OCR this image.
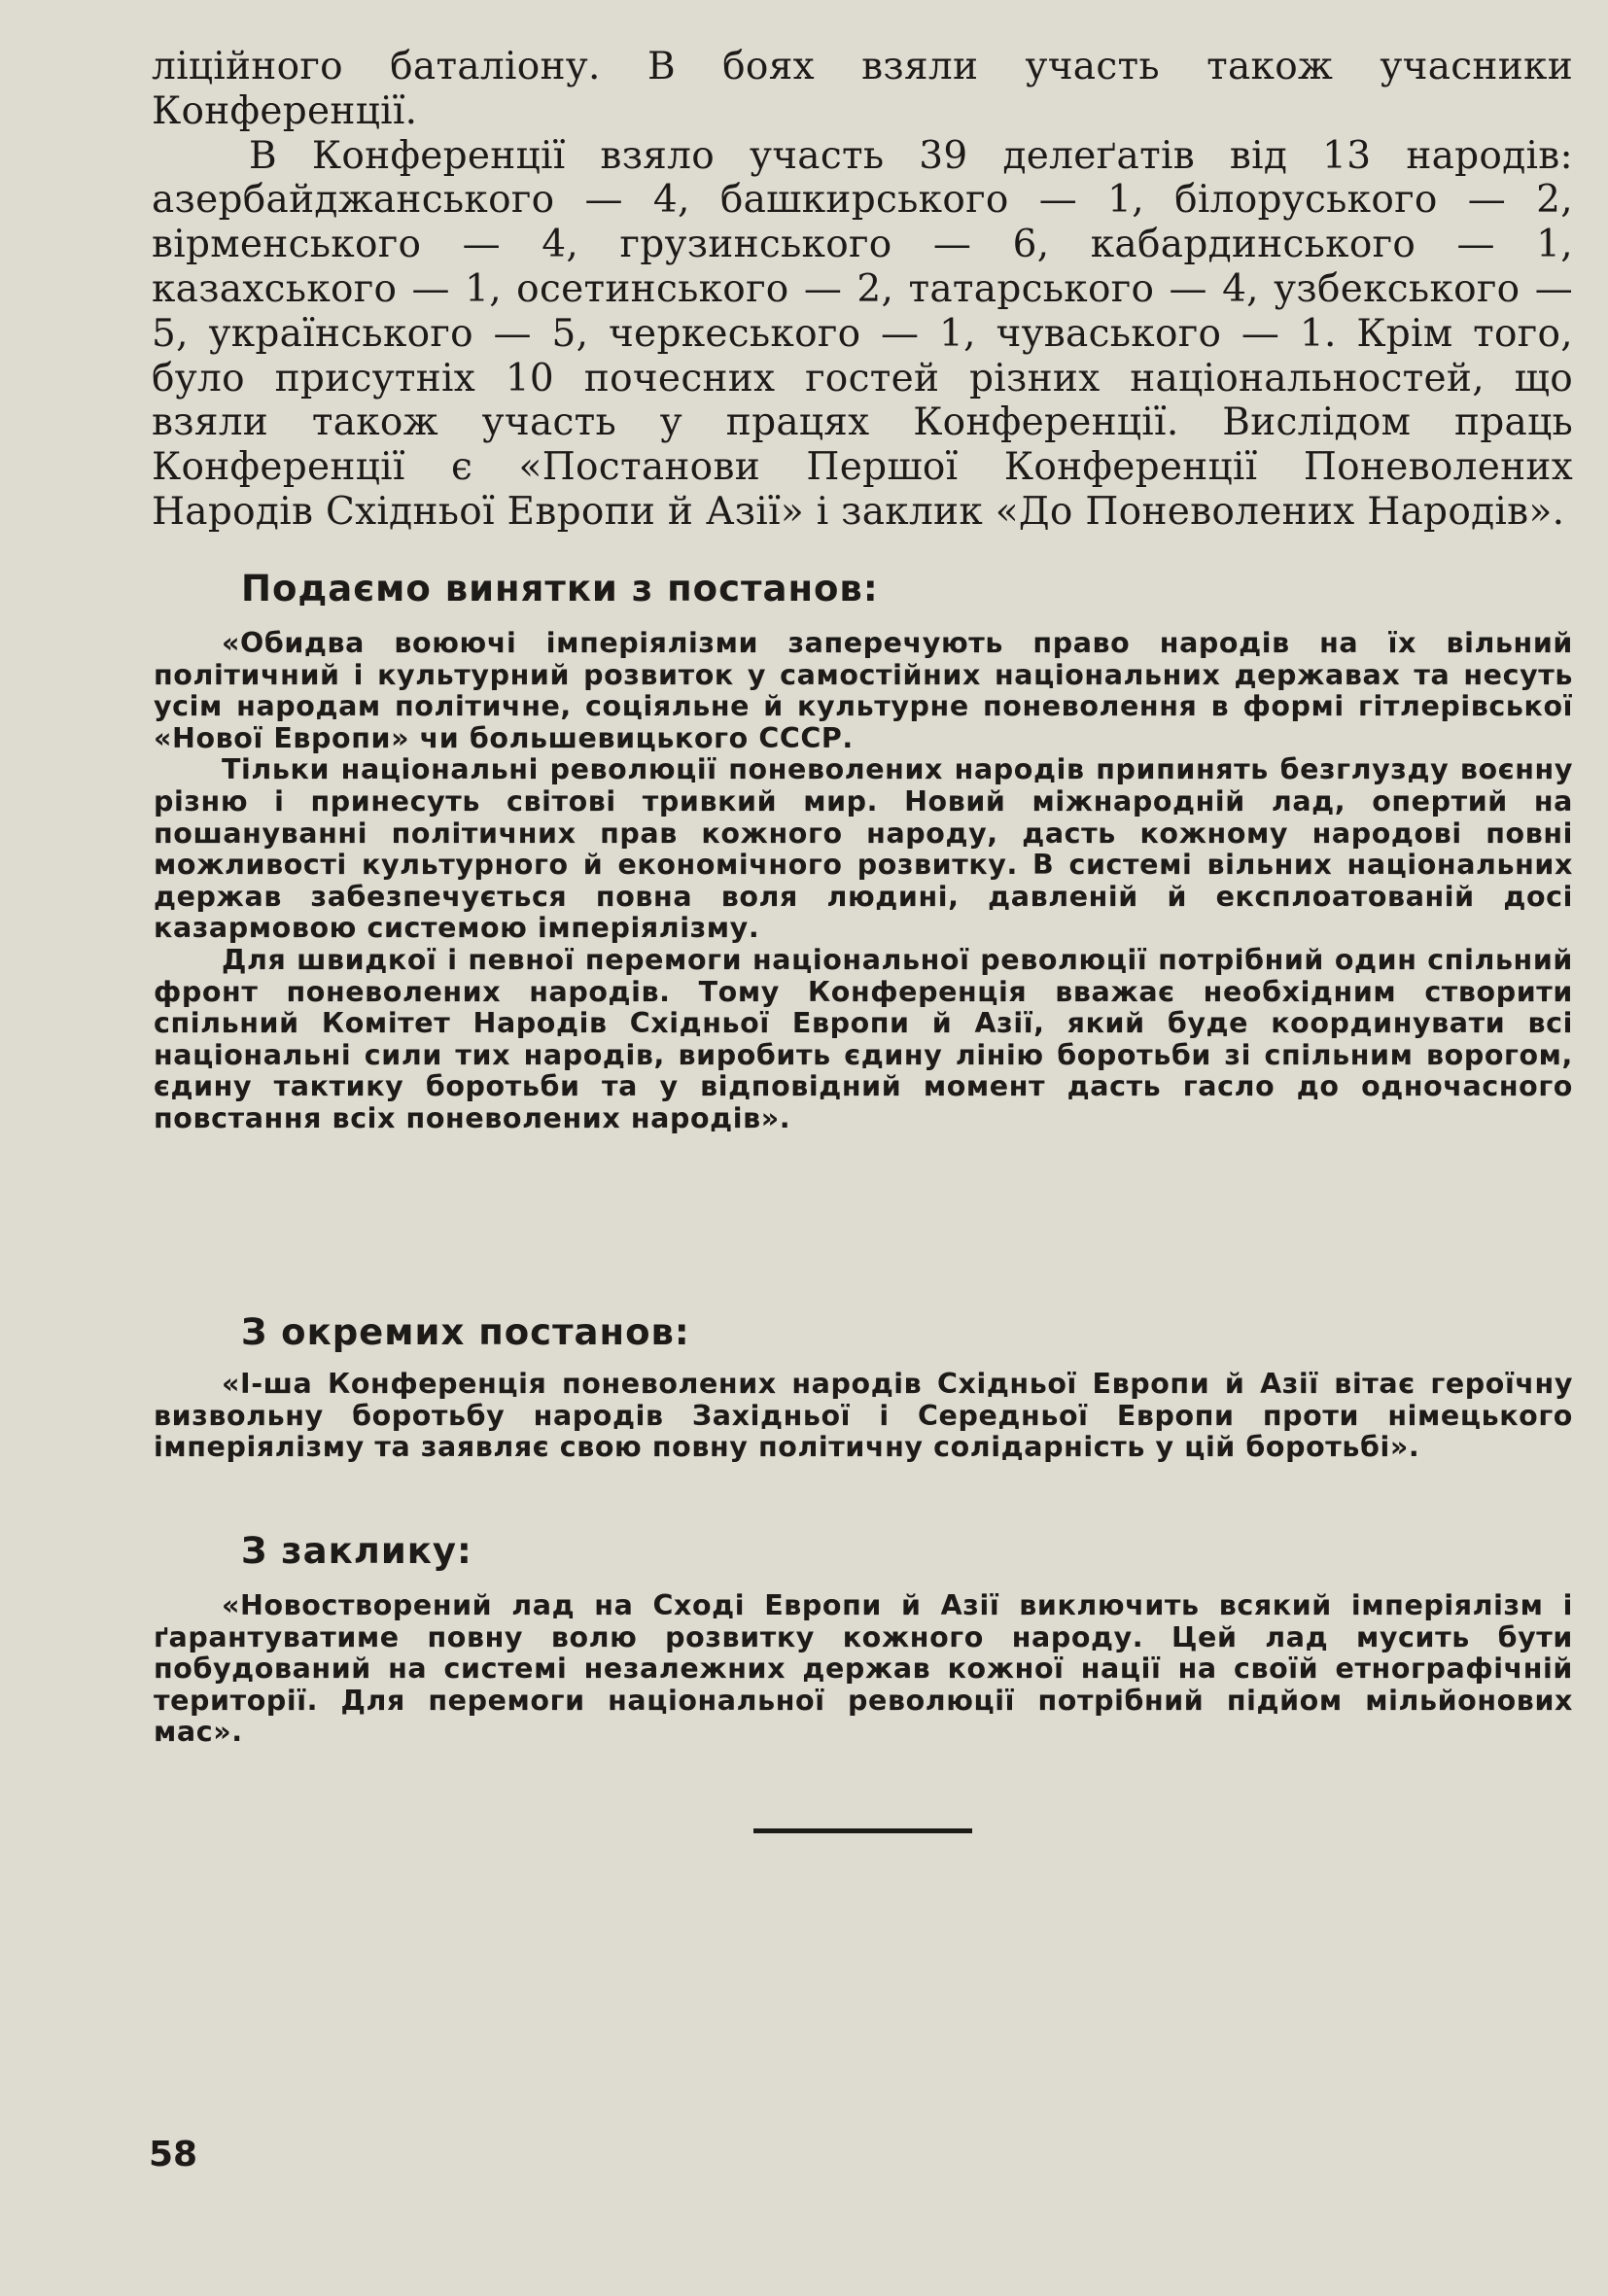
ліційного баталіону. В боях взяли участь також учасники Конференції.

В Конференції взяло участь 39 делеґатів від 13 народів: азербайджанського — 4, башкирського — 1, білоруського — 2, вірменського — 4, грузинського — 6, кабардинського — 1, казахського — 1, осетинського — 2, татарського — 4, узбекського — 5, українського — 5, черкеського — 1, чуваського — 1. Крім того, було присутніх 10 почесних гостей різних національностей, що взяли також участь у працях Конференції. Вислідом праць Конференції є «Постанови Першої Конференції Поневолених Народів Східньої Европи й Азії» і заклик «До Поневолених Народів».

Подаємо винятки з постанов:

«Обидва воюючі імперіялізми заперечують право народів на їх вільний політичний і культурний розвиток у самостійних національних державах та несуть усім народам політичне, соціяльне й культурне поневолення в формі гітлерівської «Нової Европи» чи большевицького СССР.

Тільки національні революції поневолених народів припинять безглузду воєнну різню і принесуть світові тривкий мир. Новий міжнародній лад, опертий на пошануванні політичних прав кожного народу, дасть кожному народові повні можливості культурного й економічного розвитку. В системі вільних національних держав забезпечується повна воля людині, давленій й експлоатованій досі казармовою системою імперіялізму.

Для швидкої і певної перемоги національної революції потрібний один спільний фронт поневолених народів. Тому Конференція вважає необхідним створити спільний Комітет Народів Східньої Европи й Азії, який буде координувати всі національні сили тих народів, виробить єдину лінію боротьби зі спільним ворогом, єдину тактику боротьби та у відповідний момент дасть гасло до одночасного повстання всіх поневолених народів».

З окремих постанов:

«І-ша Конференція поневолених народів Східньої Европи й Азії вітає героїчну визвольну боротьбу народів Західньої і Середньої Европи проти німецького імперіялізму та заявляє свою повну політичну солідарність у цій боротьбі».

З заклику:

«Новостворений лад на Сході Европи й Азії виключить всякий імперіялізм і ґарантуватиме повну волю розвитку кожного народу. Цей лад мусить бути побудований на системі незалежних держав кожної нації на своїй етнографічній території. Для перемоги національної революції потрібний підйом мільйонових мас».

58
